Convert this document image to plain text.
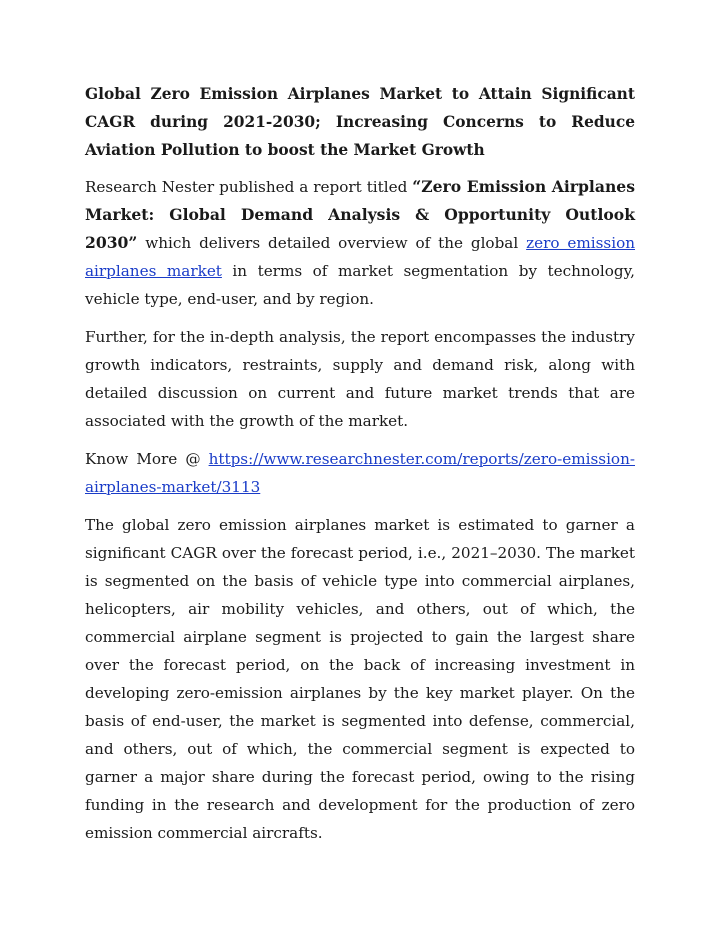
Global Zero Emission Airplanes Market to Attain Significant CAGR during 2021-2030; Increasing Concerns to Reduce Aviation Pollution to boost the Market Growth

Research Nester published a report titled “Zero Emission Airplanes Market: Global Demand Analysis & Opportunity Outlook 2030” which delivers detailed overview of the global zero emission airplanes market in terms of market segmentation by technology, vehicle type, end-user, and by region.

Further, for the in-depth analysis, the report encompasses the industry growth indicators, restraints, supply and demand risk, along with detailed discussion on current and future market trends that are associated with the growth of the market.

Know More @ https://www.researchnester.com/reports/zero-emission-airplanes-market/3113

The global zero emission airplanes market is estimated to garner a significant CAGR over the forecast period, i.e., 2021–2030. The market is segmented on the basis of vehicle type into commercial airplanes, helicopters, air mobility vehicles, and others, out of which, the commercial airplane segment is projected to gain the largest share over the forecast period, on the back of increasing investment in developing zero-emission airplanes by the key market player. On the basis of end-user, the market is segmented into defense, commercial, and others, out of which, the commercial segment is expected to garner a major share during the forecast period, owing to the rising funding in the research and development for the production of zero emission commercial aircrafts.
